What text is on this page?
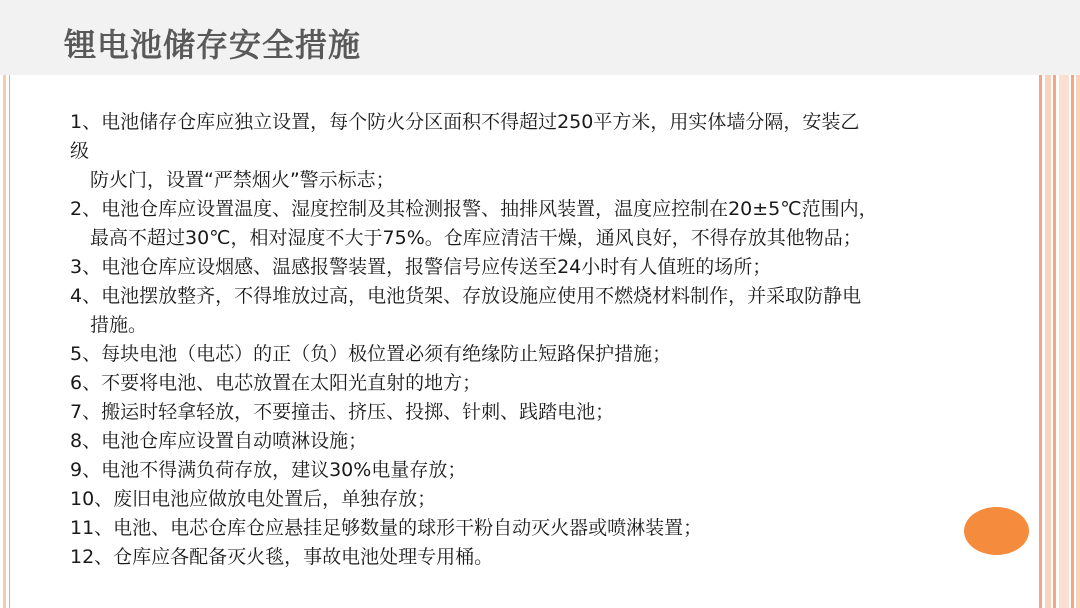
锂电池储存安全措施
1、电池储存仓库应独立设置，每个防火分区面积不得超过250平方米，用实体墙分隔，安装乙
级
防火门，设置“严禁烟火”警示标志；
2、电池仓库应设置温度、湿度控制及其检测报警、抽排风装置，温度应控制在20±5℃范围内，
最高不超过30℃，相对湿度不大于75%。仓库应清洁干燥，通风良好，不得存放其他物品；
3、电池仓库应设烟感、温感报警装置，报警信号应传送至24小时有人值班的场所；
4、电池摆放整齐，不得堆放过高，电池货架、存放设施应使用不燃烧材料制作，并采取防静电
措施。
5、每块电池（电芯）的正（负）极位置必须有绝缘防止短路保护措施；
6、不要将电池、电芯放置在太阳光直射的地方；
7、搬运时轻拿轻放，不要撞击、挤压、投掷、针刺、践踏电池；
8、电池仓库应设置自动喷淋设施；
9、电池不得满负荷存放，建议30%电量存放；
10、废旧电池应做放电处置后，单独存放；
11、电池、电芯仓库仓应悬挂足够数量的球形干粉自动灭火器或喷淋装置；
12、仓库应各配备灭火毯，事故电池处理专用桶。
